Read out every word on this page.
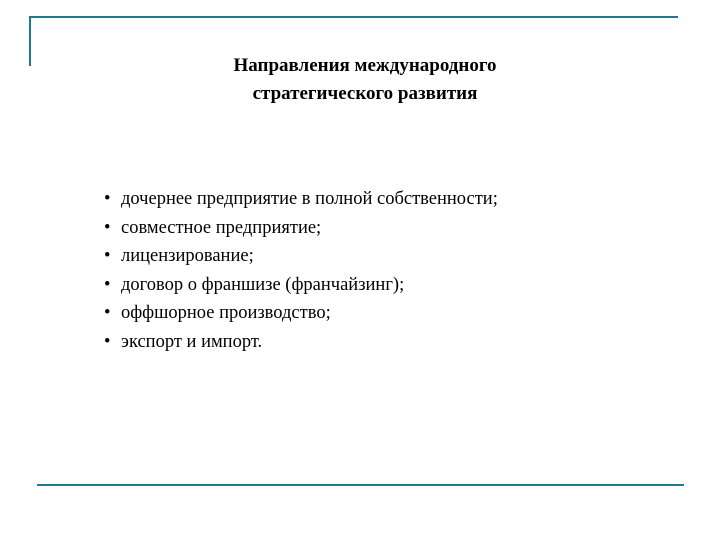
Направления международного
стратегического развития
• дочернее предприятие в полной собственности;
• совместное предприятие;
• лицензирование;
• договор о франшизе (франчайзинг);
• оффшорное производство;
• экспорт и импорт.
